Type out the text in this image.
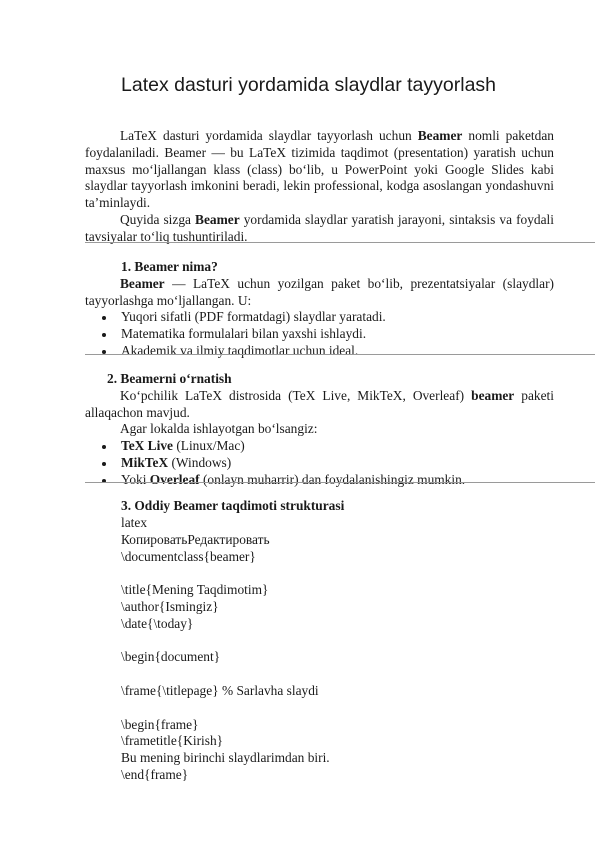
Latex dasturi yordamida slaydlar tayyorlash

LaTeX dasturi yordamida slaydlar tayyorlash uchun Beamer nomli paketdan foydalaniladi. Beamer — bu LaTeX tizimida taqdimot (presentation) yaratish uchun maxsus moʻljallangan klass (class) boʻlib, u PowerPoint yoki Google Slides kabi slaydlar tayyorlash imkonini beradi, lekin professional, kodga asoslangan yondashuvni taʼminlaydi.

Quyida sizga Beamer yordamida slaydlar yaratish jarayoni, sintaksis va foydali tavsiyalar toʻliq tushuntiriladi.

1. Beamer nima?

Beamer — LaTeX uchun yozilgan paket boʻlib, prezentatsiyalar (slaydlar) tayyorlashga moʻljallangan. U:

Yuqori sifatli (PDF formatdagi) slaydlar yaratadi.
Matematika formulalari bilan yaxshi ishlaydi.
Akademik va ilmiy taqdimotlar uchun ideal.

2. Beamerni oʻrnatish

Koʻpchilik LaTeX distrosida (TeX Live, MikTeX, Overleaf) beamer paketi allaqachon mavjud.

Agar lokalda ishlayotgan boʻlsangiz:

TeX Live (Linux/Mac)
MikTeX (Windows)
Yoki Overleaf (onlayn muharrir) dan foydalanishingiz mumkin.

3. Oddiy Beamer taqdimoti strukturasi

latex
КопироватьРедактировать
\documentclass{beamer}
\title{Mening Taqdimotim}
\author{Ismingiz}
\date{\today}
\begin{document}
\frame{\titlepage} % Sarlavha slaydi
\begin{frame}
\frametitle{Kirish}
Bu mening birinchi slaydlarimdan biri.
\end{frame}
